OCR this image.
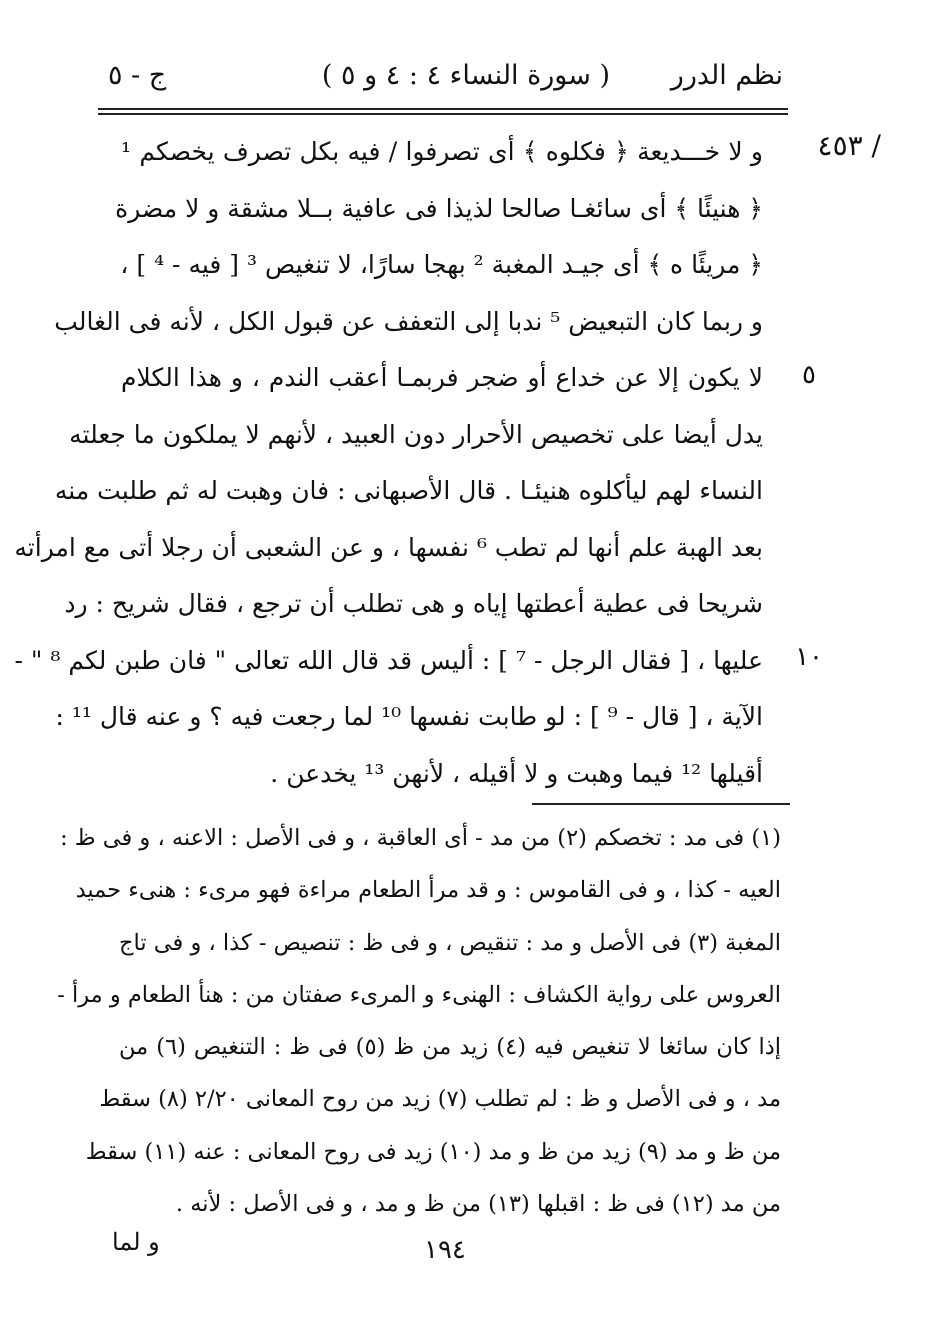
نظم الدرر
( سورة النساء ٤ : ٤ و ٥ )
ج - ٥
٤٥٣ /
٥
١٠
و لا خـــديعة ﴿ فكلوه ﴾ أى تصرفوا / فيه بكل تصرف يخصكم ¹
﴿ هنيئًا ﴾ أى سائغـا صالحا لذيذا فى عافية بــلا مشقة و لا مضرة
﴿ مريئًا ه ﴾ أى جيـد المغبة ² بهجا سارًا، لا تنغيص ³ [ فيه - ⁴ ] ،
و ربما كان التبعيض ⁵ ندبا إلى التعفف عن قبول الكل ، لأنه فى الغالب
لا يكون إلا عن خداع أو ضجر فربمـا أعقب الندم ، و هذا الكلام
يدل أيضا على تخصيص الأحرار دون العبيد ، لأنهم لا يملكون ما جعلته
النساء لهم ليأكلوه هنيئـا . قال الأصبهانى : فان وهبت له ثم طلبت منه
بعد الهبة علم أنها لم تطب ⁶ نفسها ، و عن الشعبى أن رجلا أتى مع امرأته
شريحا فى عطية أعطتها إياه و هى تطلب أن ترجع ، فقال شريح : رد
عليها ، [ فقال الرجل - ⁷ ] : أليس قد قال الله تعالى " فان طبن لكم ⁸ " -
الآية ، [ قال - ⁹ ] : لو طابت نفسها ¹⁰ لما رجعت فيه ؟ و عنه قال ¹¹ :
أقيلها ¹² فيما وهبت و لا أقيله ، لأنهن ¹³ يخدعن .
(١) فى مد : تخصكم (٢) من مد - أى العاقبة ، و فى الأصل : الاعنه ، و فى ظ :
العيه - كذا ، و فى القاموس : و قد مرأ الطعام مراءة فهو مرىء : هنىء حميد
المغبة (٣) فى الأصل و مد : تنقيص ، و فى ظ : تنصيص - كذا ، و فى تاج
العروس على رواية الكشاف : الهنىء و المرىء صفتان من : هنأ الطعام و مرأ -
إذا كان سائغا لا تنغيص فيه (٤) زيد من ظ (٥) فى ظ : التنغيص (٦) من
مد ، و فى الأصل و ظ : لم تطلب (٧) زيد من روح المعانى ٢/٢٠ (٨) سقط
من ظ و مد (٩) زيد من ظ و مد (١٠) زيد فى روح المعانى : عنه (١١) سقط
من مد (١٢) فى ظ : اقبلها (١٣) من ظ و مد ، و فى الأصل : لأنه .
و لما	١٩٤
